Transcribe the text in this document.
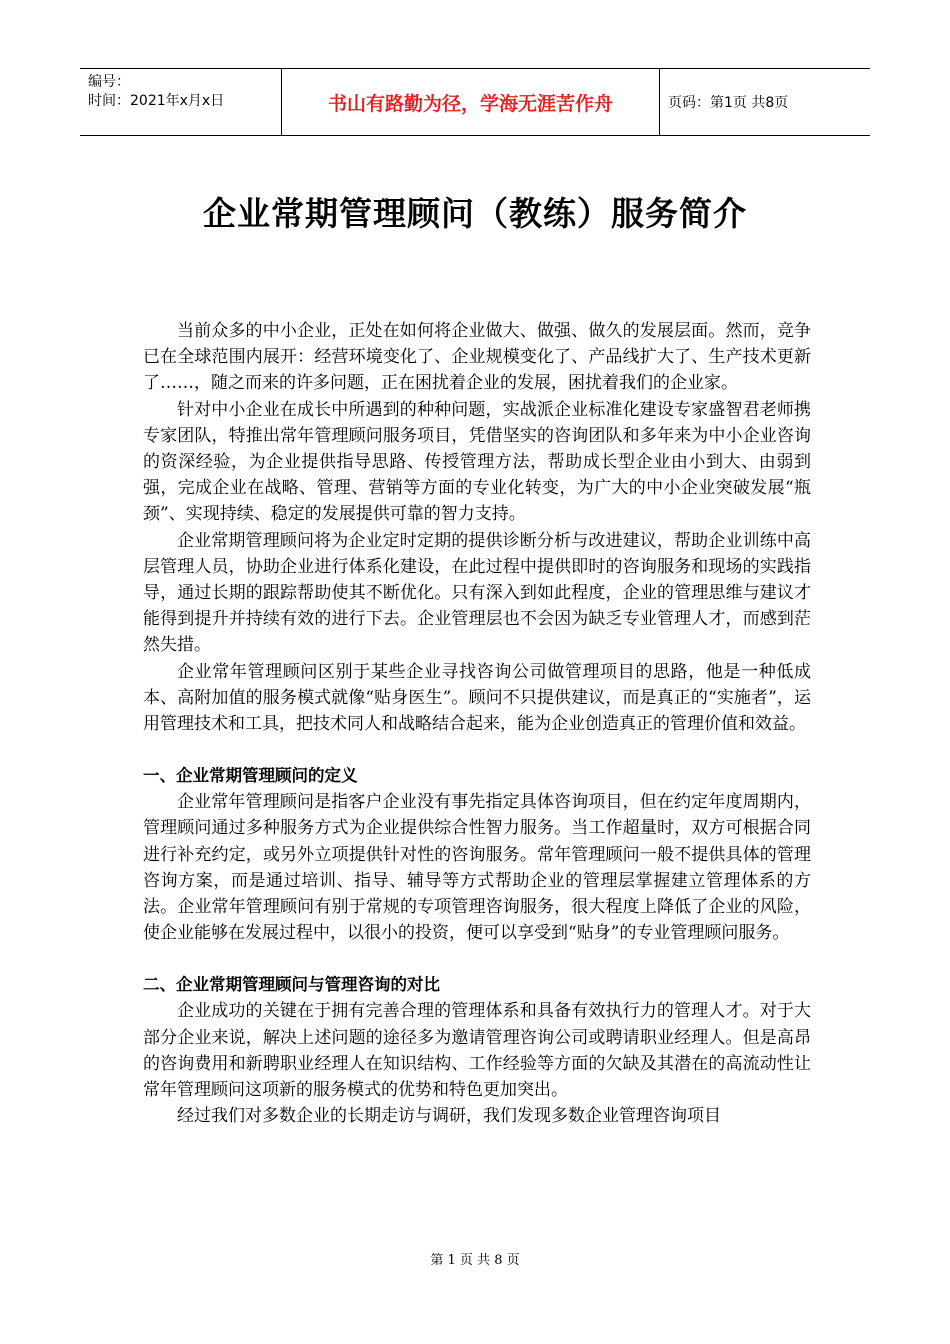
编号：
时间：2021年x月x日	书山有路勤为径，学海无涯苦作舟	页码：第1页 共8页
企业常期管理顾问（教练）服务简介

当前众多的中小企业，正处在如何将企业做大、做强、做久的发展层面。然而，竞争已在全球范围内展开：经营环境变化了、企业规模变化了、产品线扩大了、生产技术更新了……，随之而来的许多问题，正在困扰着企业的发展，困扰着我们的企业家。

针对中小企业在成长中所遇到的种种问题，实战派企业标准化建设专家盛智君老师携专家团队，特推出常年管理顾问服务项目，凭借坚实的咨询团队和多年来为中小企业咨询的资深经验，为企业提供指导思路、传授管理方法，帮助成长型企业由小到大、由弱到强，完成企业在战略、管理、营销等方面的专业化转变，为广大的中小企业突破发展“瓶颈”、实现持续、稳定的发展提供可靠的智力支持。

企业常期管理顾问将为企业定时定期的提供诊断分析与改进建议，帮助企业训练中高层管理人员，协助企业进行体系化建设，在此过程中提供即时的咨询服务和现场的实践指导，通过长期的跟踪帮助使其不断优化。只有深入到如此程度，企业的管理思维与建议才能得到提升并持续有效的进行下去。企业管理层也不会因为缺乏专业管理人才，而感到茫然失措。

企业常年管理顾问区别于某些企业寻找咨询公司做管理项目的思路，他是一种低成本、高附加值的服务模式就像“贴身医生”。顾问不只提供建议，而是真正的“实施者”，运用管理技术和工具，把技术同人和战略结合起来，能为企业创造真正的管理价值和效益。

一、企业常期管理顾问的定义

企业常年管理顾问是指客户企业没有事先指定具体咨询项目，但在约定年度周期内，管理顾问通过多种服务方式为企业提供综合性智力服务。当工作超量时，双方可根据合同进行补充约定，或另外立项提供针对性的咨询服务。常年管理顾问一般不提供具体的管理咨询方案，而是通过培训、指导、辅导等方式帮助企业的管理层掌握建立管理体系的方法。企业常年管理顾问有别于常规的专项管理咨询服务，很大程度上降低了企业的风险，使企业能够在发展过程中，以很小的投资，便可以享受到“贴身”的专业管理顾问服务。

二、企业常期管理顾问与管理咨询的对比

企业成功的关键在于拥有完善合理的管理体系和具备有效执行力的管理人才。对于大部分企业来说，解决上述问题的途径多为邀请管理咨询公司或聘请职业经理人。但是高昂的咨询费用和新聘职业经理人在知识结构、工作经验等方面的欠缺及其潜在的高流动性让常年管理顾问这项新的服务模式的优势和特色更加突出。

经过我们对多数企业的长期走访与调研，我们发现多数企业管理咨询项目

第 1 页 共 8 页
